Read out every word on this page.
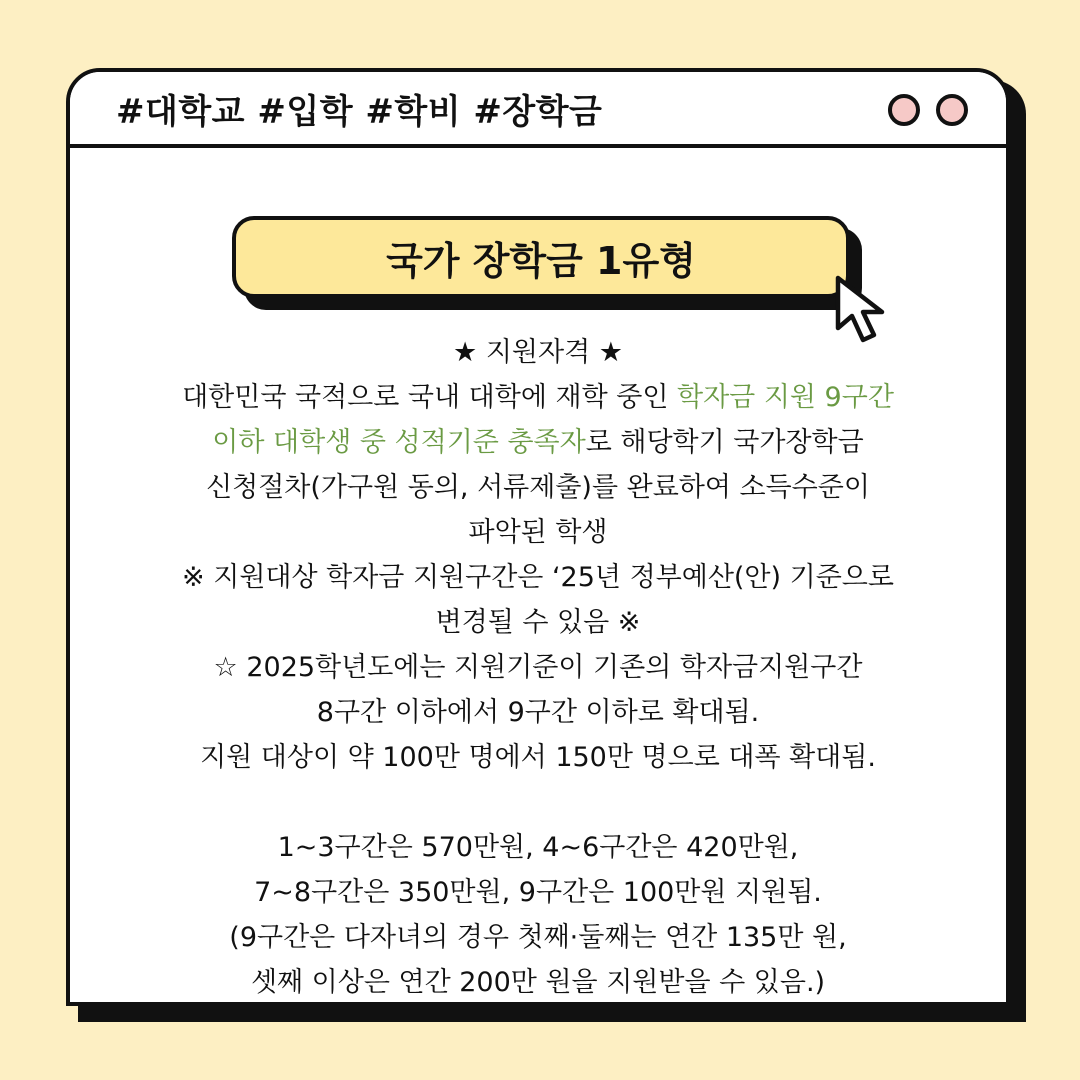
#대학교 #입학 #학비 #장학금
국가 장학금 1유형
★ 지원자격 ★
대한민국 국적으로 국내 대학에 재학 중인 학자금 지원 9구간
이하 대학생 중 성적기준 충족자로 해당학기 국가장학금
신청절차(가구원 동의, 서류제출)를 완료하여 소득수준이
파악된 학생
※ 지원대상 학자금 지원구간은 ‘25년 정부예산(안) 기준으로
변경될 수 있음 ※
☆ 2025학년도에는 지원기준이 기존의 학자금지원구간
8구간 이하에서 9구간 이하로 확대됨.
지원 대상이 약 100만 명에서 150만 명으로 대폭 확대됨.
1~3구간은 570만원, 4~6구간은 420만원,
7~8구간은 350만원, 9구간은 100만원 지원됨.
(9구간은 다자녀의 경우 첫째·둘째는 연간 135만 원,
셋째 이상은 연간 200만 원을 지원받을 수 있음.)
